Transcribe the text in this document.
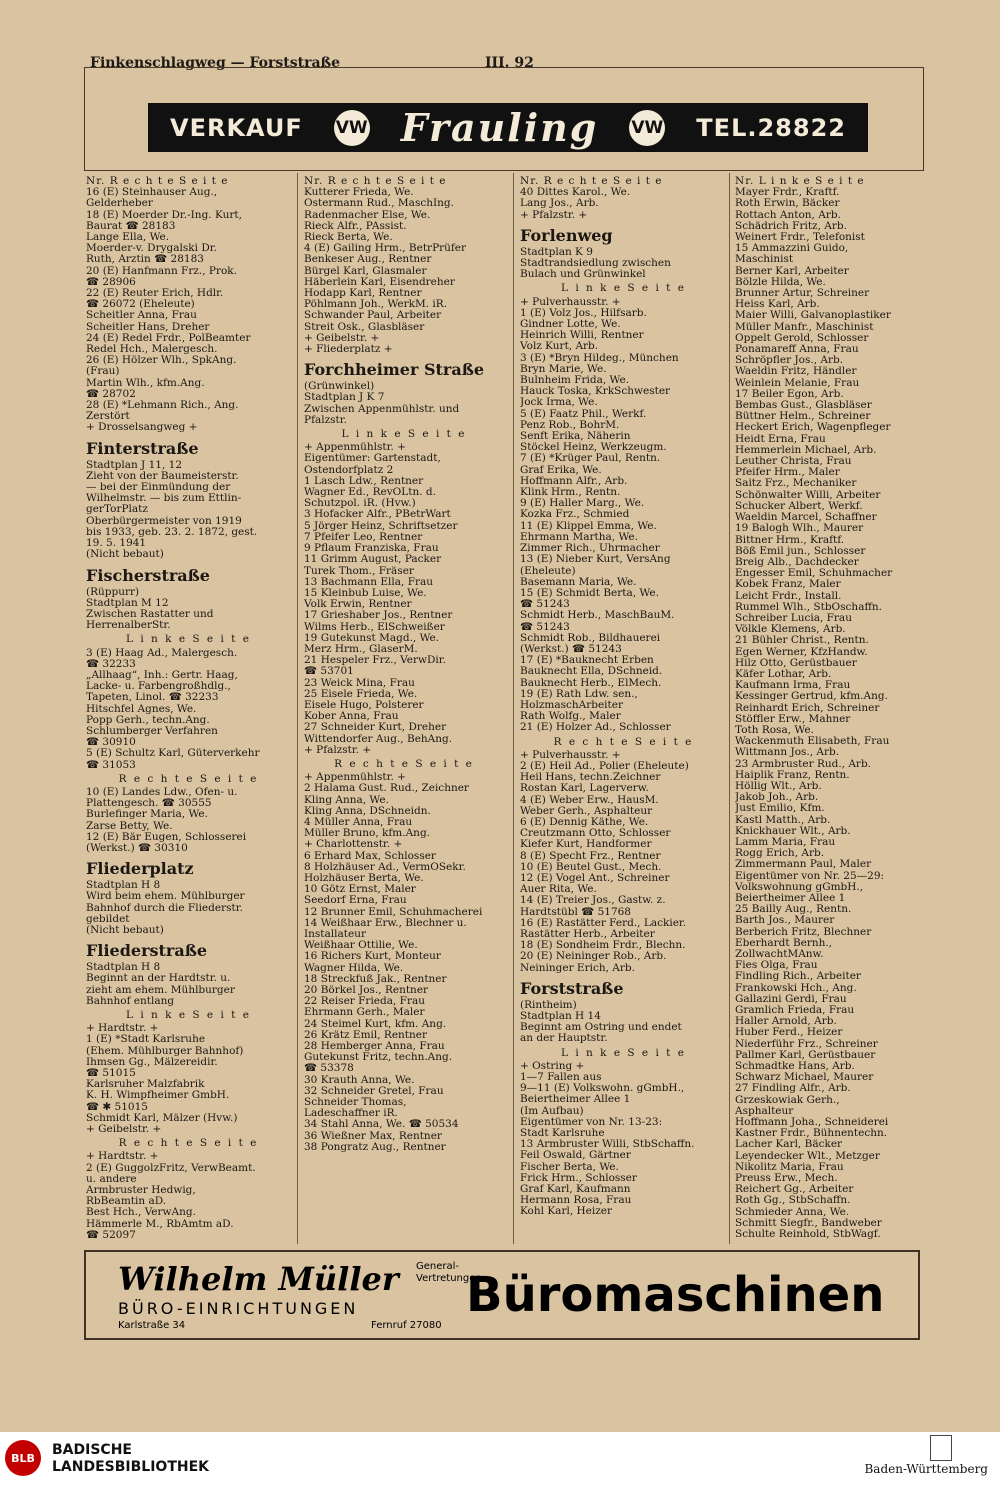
Finkenschlagweg — Forststraße	III. 92
VERKAUF VW Frauling VW TEL.28822
Nr. R e c h t e S e i t e
16 (E) Steinhauser Aug.,
Gelderheber
18 (E) Moerder Dr.-Ing. Kurt,
Baurat ☎ 28183
Lange Ella, We.
Moerder-v. Drygalski Dr.
Ruth, Ärztin ☎ 28183
20 (E) Hanfmann Frz., Prok.
☎ 28906
22 (E) Reuter Erich, Hdlr.
☎ 26072 (Eheleute)
Scheitler Anna, Frau
Scheitler Hans, Dreher
24 (E) Redel Frdr., PolBeamter
Redel Hch., Malergesch.
26 (E) Hölzer Wlh., SpkAng.
(Frau)
Martin Wlh., kfm.Ang.
☎ 28702
28 (E) *Lehmann Rich., Ang.
Zerstört
+ Drosselsangweg +
Finterstraße
Stadtplan J 11, 12
Zieht von der Baumeisterstr.
— bei der Einmündung der
Wilhelmstr. — bis zum Ettlin-
gerTorPlatz
Oberbürgermeister von 1919
bis 1933, geb. 23. 2. 1872, gest.
19. 5. 1941
(Nicht bebaut)
Fischerstraße
(Rüppurr)
Stadtplan M 12
Zwischen Rastatter und
HerrenalberStr.
L i n k e S e i t e
3 (E) Haag Ad., Malergesch.
☎ 32233
„Allhaag“, Inh.: Gertr. Haag,
Lacke- u. Farbengroßhdlg.,
Tapeten, Linol. ☎ 32233
Hitschfel Agnes, We.
Popp Gerh., techn.Ang.
Schlumberger Verfahren
☎ 30910
5 (E) Schultz Karl, Güterverkehr
☎ 31053
R e c h t e S e i t e
10 (E) Landes Ldw., Ofen- u.
Plattengesch. ☎ 30555
Burlefinger Maria, We.
Zarse Betty, We.
12 (E) Bär Eugen, Schlosserei
(Werkst.) ☎ 30310
Fliederplatz
Stadtplan H 8
Wird beim ehem. Mühlburger
Bahnhof durch die Fliederstr.
gebildet
(Nicht bebaut)
Fliederstraße
Stadtplan H 8
Beginnt an der Hardtstr. u.
zieht am ehem. Mühlburger
Bahnhof entlang
L i n k e S e i t e
+ Hardtstr. +
1 (E) *Stadt Karlsruhe
(Ehem. Mühlburger Bahnhof)
Ihmsen Gg., Mälzereidir.
☎ 51015
Karlsruher Malzfabrik
K. H. Wimpfheimer GmbH.
☎ ✱ 51015
Schmidt Karl, Mälzer (Hvw.)
+ Geibelstr. +
R e c h t e S e i t e
+ Hardtstr. +
2 (E) GuggolzFritz, VerwBeamt.
u. andere
Armbruster Hedwig,
RbBeamtin aD.
Best Hch., VerwAng.
Hämmerle M., RbAmtm aD.
☎ 52097
Nr. R e c h t e S e i t e
Kutterer Frieda, We.
Ostermann Rud., MaschIng.
Radenmacher Else, We.
Rieck Alfr., PAssist.
Rieck Berta, We.
4 (E) Gailing Hrm., BetrPrüfer
Benkeser Aug., Rentner
Bürgel Karl, Glasmaler
Häberlein Karl, Eisendreher
Hodapp Karl, Rentner
Pöhlmann Joh., WerkM. iR.
Schwander Paul, Arbeiter
Streit Osk., Glasbläser
+ Geibelstr. +
+ Fliederplatz +
Forchheimer Straße
(Grünwinkel)
Stadtplan J K 7
Zwischen Appenmühlstr. und
Pfalzstr.
L i n k e S e i t e
+ Appenmühlstr. +
Eigentümer: Gartenstadt,
Ostendorfplatz 2
1 Lasch Ldw., Rentner
Wagner Ed., RevOLtn. d.
Schutzpol. iR. (Hvw.)
3 Hofacker Alfr., PBetrWart
5 Jörger Heinz, Schriftsetzer
7 Pfeifer Leo, Rentner
9 Pflaum Franziska, Frau
11 Grimm August, Packer
Turek Thom., Fräser
13 Bachmann Ella, Frau
15 Kleinbub Luise, We.
Volk Erwin, Rentner
17 Grieshaber Jos., Rentner
Wilms Herb., ElSchweißer
19 Gutekunst Magd., We.
Merz Hrm., GlaserM.
21 Hespeler Frz., VerwDir.
☎ 53701
23 Weick Mina, Frau
25 Eisele Frieda, We.
Eisele Hugo, Polsterer
Kober Anna, Frau
27 Schneider Kurt, Dreher
Wittendorfer Aug., BehAng.
+ Pfalzstr. +
R e c h t e S e i t e
+ Appenmühlstr. +
2 Halama Gust. Rud., Zeichner
Kling Anna, We.
Kling Anna, DSchneidn.
4 Müller Anna, Frau
Müller Bruno, kfm.Ang.
+ Charlottenstr. +
6 Erhard Max, Schlosser
8 Holzhäuser Ad., VermOSekr.
Holzhäuser Berta, We.
10 Götz Ernst, Maler
Seedorf Erna, Frau
12 Brunner Emil, Schuhmacherei
14 Weißhaar Erw., Blechner u.
Installateur
Weißhaar Ottilie, We.
16 Richers Kurt, Monteur
Wagner Hilda, We.
18 Streckfuß Jak., Rentner
20 Börkel Jos., Rentner
22 Reiser Frieda, Frau
Ehrmann Gerh., Maler
24 Steimel Kurt, kfm. Ang.
26 Krätz Emil, Rentner
28 Hemberger Anna, Frau
Gutekunst Fritz, techn.Ang.
☎ 53378
30 Krauth Anna, We.
32 Schneider Gretel, Frau
Schneider Thomas,
Ladeschaffner iR.
34 Stahl Anna, We. ☎ 50534
36 Wießner Max, Rentner
38 Pongratz Aug., Rentner
Nr. R e c h t e S e i t e
40 Dittes Karol., We.
Lang Jos., Arb.
+ Pfalzstr. +
Forlenweg
Stadtplan K 9
Stadtrandsiedlung zwischen
Bulach und Grünwinkel
L i n k e S e i t e
+ Pulverhausstr. +
1 (E) Volz Jos., Hilfsarb.
Gindner Lotte, We.
Heinrich Willi, Rentner
Volz Kurt, Arb.
3 (E) *Bryn Hildeg., München
Bryn Marie, We.
Bulnheim Frida, We.
Hauck Toska, KrkSchwester
Jock Irma, We.
5 (E) Faatz Phil., Werkf.
Penz Rob., BohrM.
Senft Erika, Näherin
Stöckel Heinz, Werkzeugm.
7 (E) *Krüger Paul, Rentn.
Graf Erika, We.
Hoffmann Alfr., Arb.
Klink Hrm., Rentn.
9 (E) Haller Marg., We.
Kozka Frz., Schmied
11 (E) Klippel Emma, We.
Ehrmann Martha, We.
Zimmer Rich., Uhrmacher
13 (E) Nieber Kurt, VersAng
(Eheleute)
Basemann Maria, We.
15 (E) Schmidt Berta, We.
☎ 51243
Schmidt Herb., MaschBauM.
☎ 51243
Schmidt Rob., Bildhauerei
(Werkst.) ☎ 51243
17 (E) *Bauknecht Erben
Bauknecht Ella, DSchneid.
Bauknecht Herb., ElMech.
19 (E) Rath Ldw. sen.,
HolzmaschArbeiter
Rath Wolfg., Maler
21 (E) Holzer Ad., Schlosser
R e c h t e S e i t e
+ Pulverhausstr. +
2 (E) Heil Ad., Polier (Eheleute)
Heil Hans, techn.Zeichner
Rostan Karl, Lagerverw.
4 (E) Weber Erw., HausM.
Weber Gerh., Asphalteur
6 (E) Dennig Käthe, We.
Creutzmann Otto, Schlosser
Kiefer Kurt, Handformer
8 (E) Specht Frz., Rentner
10 (E) Beutel Gust., Mech.
12 (E) Vogel Ant., Schreiner
Auer Rita, We.
14 (E) Treier Jos., Gastw. z.
Hardtstübl ☎ 51768
16 (E) Rastätter Ferd., Lackier.
Rastätter Herb., Arbeiter
18 (E) Sondheim Frdr., Blechn.
20 (E) Neininger Rob., Arb.
Neininger Erich, Arb.
Forststraße
(Rintheim)
Stadtplan H 14
Beginnt am Ostring und endet
an der Hauptstr.
L i n k e S e i t e
+ Ostring +
1—7 Fallen aus
9—11 (E) Volkswohn. gGmbH.,
Beiertheimer Allee 1
(Im Aufbau)
Eigentümer von Nr. 13-23:
Stadt Karlsruhe
13 Armbruster Willi, StbSchaffn.
Feil Oswald, Gärtner
Fischer Berta, We.
Frick Hrm., Schlosser
Graf Karl, Kaufmann
Hermann Rosa, Frau
Kohl Karl, Heizer
Nr. L i n k e S e i t e
Mayer Frdr., Kraftf.
Roth Erwin, Bäcker
Rottach Anton, Arb.
Schädrich Fritz, Arb.
Weinert Frdr., Telefonist
15 Ammazzini Guido,
Maschinist
Berner Karl, Arbeiter
Bölzle Hilda, We.
Brunner Artur, Schreiner
Heiss Karl, Arb.
Maier Willi, Galvanoplastiker
Müller Manfr., Maschinist
Oppelt Gerold, Schlosser
Ponamareff Anna, Frau
Schröpfler Jos., Arb.
Waeldin Fritz, Händler
Weinlein Melanie, Frau
17 Beiler Egon, Arb.
Bembas Gust., Glasbläser
Büttner Helm., Schreiner
Heckert Erich, Wagenpfleger
Heidt Erna, Frau
Hemmerlein Michael, Arb.
Leuther Christa, Frau
Pfeifer Hrm., Maler
Saitz Frz., Mechaniker
Schönwalter Willi, Arbeiter
Schucker Albert, Werkf.
Waeldin Marcel, Schaffner
19 Balogh Wlh., Maurer
Bittner Hrm., Kraftf.
Böß Emil jun., Schlosser
Breig Alb., Dachdecker
Engesser Emil, Schuhmacher
Kobek Franz, Maler
Leicht Frdr., Install.
Rummel Wlh., StbOschaffn.
Schreiber Lucia, Frau
Völkle Klemens, Arb.
21 Bühler Christ., Rentn.
Egen Werner, KfzHandw.
Hilz Otto, Gerüstbauer
Käfer Lothar, Arb.
Kaufmann Irma, Frau
Kessinger Gertrud, kfm.Ang.
Reinhardt Erich, Schreiner
Stöffler Erw., Mahner
Toth Rosa, We.
Wackenmuth Elisabeth, Frau
Wittmann Jos., Arb.
23 Armbruster Rud., Arb.
Haiplik Franz, Rentn.
Höllig Wlt., Arb.
Jakob Joh., Arb.
Just Emilio, Kfm.
Kastl Matth., Arb.
Knickhauer Wlt., Arb.
Lamm Maria, Frau
Rogg Erich, Arb.
Zimmermann Paul, Maler
Eigentümer von Nr. 25—29:
Volkswohnung gGmbH.,
Beiertheimer Allee 1
25 Bailly Aug., Rentn.
Barth Jos., Maurer
Berberich Fritz, Blechner
Eberhardt Bernh.,
ZollwachtMAnw.
Fies Olga, Frau
Findling Rich., Arbeiter
Frankowski Hch., Ang.
Gallazini Gerdi, Frau
Gramlich Frieda, Frau
Haller Arnold, Arb.
Huber Ferd., Heizer
Niederführ Frz., Schreiner
Pallmer Karl, Gerüstbauer
Schmadtke Hans, Arb.
Schwarz Michael, Maurer
27 Findling Alfr., Arb.
Grzeskowiak Gerh.,
Asphalteur
Hoffmann Joha., Schneiderei
Kastner Frdr., Bühnentechn.
Lacher Karl, Bäcker
Leyendecker Wlt., Metzger
Nikolitz Maria, Frau
Preuss Erw., Mech.
Reichert Gg., Arbeiter
Roth Gg., StbSchaffn.
Schmieder Anna, We.
Schmitt Siegfr., Bandweber
Schulte Reinhold, StbWagf.
Wilhelm Müller General-
Vertretungen
BÜRO-EINRICHTUNGEN
Karlstraße 34	Fernruf 27080
Büromaschinen
BLB	BADISCHE
LANDESBIBLIOTHEK	Baden-Württemberg
